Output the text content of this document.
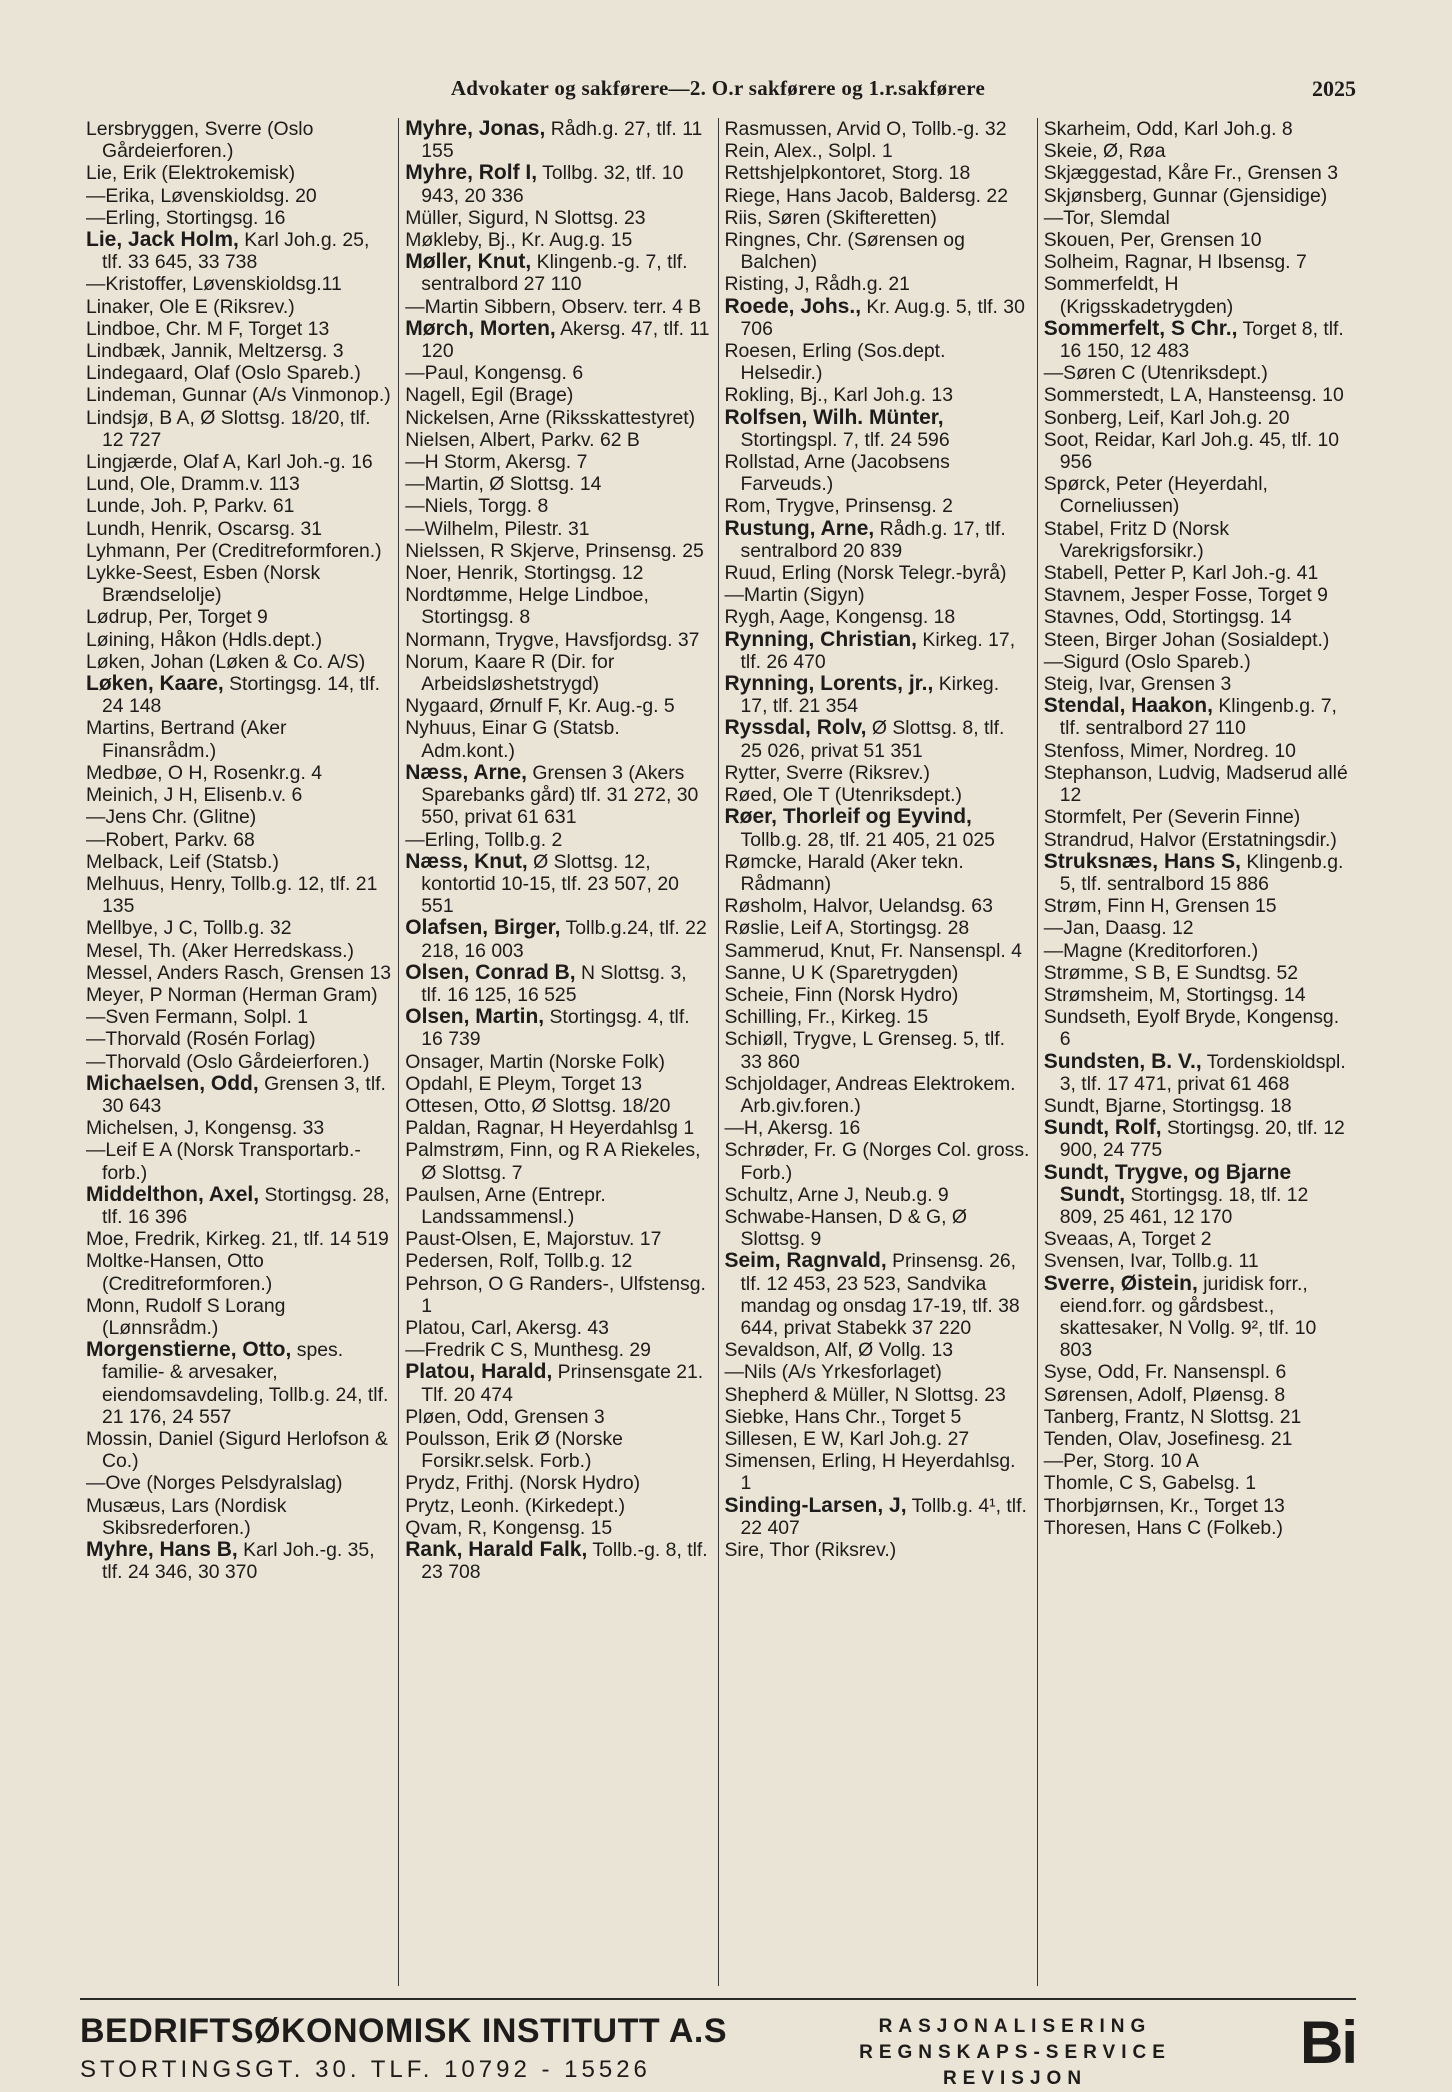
Advokater og sakførere—2. O.r sakførere og 1.r.sakførere	2025
Lersbryggen, Sverre (Oslo Gårdeierforen.)
Lie, Erik (Elektrokemisk)
—Erika, Løvenskioldsg. 20
—Erling, Stortingsg. 16
Lie, Jack Holm, Karl Joh.g. 25, tlf. 33 645, 33 738
—Kristoffer, Løvenskioldsg.11
Linaker, Ole E (Riksrev.)
Lindboe, Chr. M F, Torget 13
Lindbæk, Jannik, Meltzersg. 3
Lindegaard, Olaf (Oslo Spareb.)
Lindeman, Gunnar (A/s Vinmonop.)
Lindsjø, B A, Ø Slottsg. 18/20, tlf. 12 727
Lingjærde, Olaf A, Karl Joh.-g. 16
Lund, Ole, Dramm.v. 113
Lunde, Joh. P, Parkv. 61
Lundh, Henrik, Oscarsg. 31
Lyhmann, Per (Creditreformforen.)
Lykke-Seest, Esben (Norsk Brændselolje)
Lødrup, Per, Torget 9
Løining, Håkon (Hdls.dept.)
Løken, Johan (Løken & Co. A/S)
Løken, Kaare, Stortingsg. 14, tlf. 24 148
Martins, Bertrand (Aker Finansrådm.)
Medbøe, O H, Rosenkr.g. 4
Meinich, J H, Elisenb.v. 6
—Jens Chr. (Glitne)
—Robert, Parkv. 68
Melback, Leif (Statsb.)
Melhuus, Henry, Tollb.g. 12, tlf. 21 135
Mellbye, J C, Tollb.g. 32
Mesel, Th. (Aker Herredskass.)
Messel, Anders Rasch, Grensen 13
Meyer, P Norman (Herman Gram)
—Sven Fermann, Solpl. 1
—Thorvald (Rosén Forlag)
—Thorvald (Oslo Gårdeierforen.)
Michaelsen, Odd, Grensen 3, tlf. 30 643
Michelsen, J, Kongensg. 33
—Leif E A (Norsk Transportarb.-forb.)
Middelthon, Axel, Stortingsg. 28, tlf. 16 396
Moe, Fredrik, Kirkeg. 21, tlf. 14 519
Moltke-Hansen, Otto (Creditreformforen.)
Monn, Rudolf S Lorang (Lønnsrådm.)
Morgenstierne, Otto, spes. familie- & arvesaker, eiendomsavdeling, Tollb.g. 24, tlf. 21 176, 24 557
Mossin, Daniel (Sigurd Herlofson & Co.)
—Ove (Norges Pelsdyralslag)
Musæus, Lars (Nordisk Skibsrederforen.)
Myhre, Hans B, Karl Joh.-g. 35, tlf. 24 346, 30 370
Myhre, Jonas, Rådh.g. 27, tlf. 11 155
Myhre, Rolf I, Tollbg. 32, tlf. 10 943, 20 336
Müller, Sigurd, N Slottsg. 23
Møkleby, Bj., Kr. Aug.g. 15
Møller, Knut, Klingenb.-g. 7, tlf. sentralbord 27 110
—Martin Sibbern, Observ. terr. 4 B
Mørch, Morten, Akersg. 47, tlf. 11 120
—Paul, Kongensg. 6
Nagell, Egil (Brage)
Nickelsen, Arne (Riksskattestyret)
Nielsen, Albert, Parkv. 62 B
—H Storm, Akersg. 7
—Martin, Ø Slottsg. 14
—Niels, Torgg. 8
—Wilhelm, Pilestr. 31
Nielssen, R Skjerve, Prinsensg. 25
Noer, Henrik, Stortingsg. 12
Nordtømme, Helge Lindboe, Stortingsg. 8
Normann, Trygve, Havsfjordsg. 37
Norum, Kaare R (Dir. for Arbeidsløshetstrygd)
Nygaard, Ørnulf F, Kr. Aug.-g. 5
Nyhuus, Einar G (Statsb. Adm.kont.)
Næss, Arne, Grensen 3 (Akers Sparebanks gård) tlf. 31 272, 30 550, privat 61 631
—Erling, Tollb.g. 2
Næss, Knut, Ø Slottsg. 12, kontortid 10-15, tlf. 23 507, 20 551
Olafsen, Birger, Tollb.g.24, tlf. 22 218, 16 003
Olsen, Conrad B, N Slottsg. 3, tlf. 16 125, 16 525
Olsen, Martin, Stortingsg. 4, tlf. 16 739
Onsager, Martin (Norske Folk)
Opdahl, E Pleym, Torget 13
Ottesen, Otto, Ø Slottsg. 18/20
Paldan, Ragnar, H Heyerdahlsg 1
Palmstrøm, Finn, og R A Riekeles, Ø Slottsg. 7
Paulsen, Arne (Entrepr. Landssammensl.)
Paust-Olsen, E, Majorstuv. 17
Pedersen, Rolf, Tollb.g. 12
Pehrson, O G Randers-, Ulfstensg. 1
Platou, Carl, Akersg. 43
—Fredrik C S, Munthesg. 29
Platou, Harald, Prinsensgate 21. Tlf. 20 474
Pløen, Odd, Grensen 3
Poulsson, Erik Ø (Norske Forsikr.selsk. Forb.)
Prydz, Frithj. (Norsk Hydro)
Prytz, Leonh. (Kirkedept.)
Qvam, R, Kongensg. 15
Rank, Harald Falk, Tollb.-g. 8, tlf. 23 708
Rasmussen, Arvid O, Tollb.-g. 32
Rein, Alex., Solpl. 1
Rettshjelpkontoret, Storg. 18
Riege, Hans Jacob, Baldersg. 22
Riis, Søren (Skifteretten)
Ringnes, Chr. (Sørensen og Balchen)
Risting, J, Rådh.g. 21
Roede, Johs., Kr. Aug.g. 5, tlf. 30 706
Roesen, Erling (Sos.dept. Helsedir.)
Rokling, Bj., Karl Joh.g. 13
Rolfsen, Wilh. Münter, Stortingspl. 7, tlf. 24 596
Rollstad, Arne (Jacobsens Farveuds.)
Rom, Trygve, Prinsensg. 2
Rustung, Arne, Rådh.g. 17, tlf. sentralbord 20 839
Ruud, Erling (Norsk Telegr.-byrå)
—Martin (Sigyn)
Rygh, Aage, Kongensg. 18
Rynning, Christian, Kirkeg. 17, tlf. 26 470
Rynning, Lorents, jr., Kirkeg. 17, tlf. 21 354
Ryssdal, Rolv, Ø Slottsg. 8, tlf. 25 026, privat 51 351
Rytter, Sverre (Riksrev.)
Røed, Ole T (Utenriksdept.)
Røer, Thorleif og Eyvind, Tollb.g. 28, tlf. 21 405, 21 025
Rømcke, Harald (Aker tekn. Rådmann)
Røsholm, Halvor, Uelandsg. 63
Røslie, Leif A, Stortingsg. 28
Sammerud, Knut, Fr. Nansenspl. 4
Sanne, U K (Sparetrygden)
Scheie, Finn (Norsk Hydro)
Schilling, Fr., Kirkeg. 15
Schiøll, Trygve, L Grenseg. 5, tlf. 33 860
Schjoldager, Andreas Elektrokem. Arb.giv.foren.)
—H, Akersg. 16
Schrøder, Fr. G (Norges Col. gross. Forb.)
Schultz, Arne J, Neub.g. 9
Schwabe-Hansen, D & G, Ø Slottsg. 9
Seim, Ragnvald, Prinsensg. 26, tlf. 12 453, 23 523, Sandvika mandag og onsdag 17-19, tlf. 38 644, privat Stabekk 37 220
Sevaldson, Alf, Ø Vollg. 13
—Nils (A/s Yrkesforlaget)
Shepherd & Müller, N Slottsg. 23
Siebke, Hans Chr., Torget 5
Sillesen, E W, Karl Joh.g. 27
Simensen, Erling, H Heyerdahlsg. 1
Sinding-Larsen, J, Tollb.g. 4¹, tlf. 22 407
Sire, Thor (Riksrev.)
Skarheim, Odd, Karl Joh.g. 8
Skeie, Ø, Røa
Skjæggestad, Kåre Fr., Grensen 3
Skjønsberg, Gunnar (Gjensidige)
—Tor, Slemdal
Skouen, Per, Grensen 10
Solheim, Ragnar, H Ibsensg. 7
Sommerfeldt, H (Krigsskadetrygden)
Sommerfelt, S Chr., Torget 8, tlf. 16 150, 12 483
—Søren C (Utenriksdept.)
Sommerstedt, L A, Hansteensg. 10
Sonberg, Leif, Karl Joh.g. 20
Soot, Reidar, Karl Joh.g. 45, tlf. 10 956
Spørck, Peter (Heyerdahl, Corneliussen)
Stabel, Fritz D (Norsk Varekrigsforsikr.)
Stabell, Petter P, Karl Joh.-g. 41
Stavnem, Jesper Fosse, Torget 9
Stavnes, Odd, Stortingsg. 14
Steen, Birger Johan (Sosialdept.)
—Sigurd (Oslo Spareb.)
Steig, Ivar, Grensen 3
Stendal, Haakon, Klingenb.g. 7, tlf. sentralbord 27 110
Stenfoss, Mimer, Nordreg. 10
Stephanson, Ludvig, Madserud allé 12
Stormfelt, Per (Severin Finne)
Strandrud, Halvor (Erstatningsdir.)
Struksnæs, Hans S, Klingenb.g. 5, tlf. sentralbord 15 886
Strøm, Finn H, Grensen 15
—Jan, Daasg. 12
—Magne (Kreditorforen.)
Strømme, S B, E Sundtsg. 52
Strømsheim, M, Stortingsg. 14
Sundseth, Eyolf Bryde, Kongensg. 6
Sundsten, B. V., Tordenskioldspl. 3, tlf. 17 471, privat 61 468
Sundt, Bjarne, Stortingsg. 18
Sundt, Rolf, Stortingsg. 20, tlf. 12 900, 24 775
Sundt, Trygve, og Bjarne Sundt, Stortingsg. 18, tlf. 12 809, 25 461, 12 170
Sveaas, A, Torget 2
Svensen, Ivar, Tollb.g. 11
Sverre, Øistein, juridisk forr., eiend.forr. og gårdsbest., skattesaker, N Vollg. 9², tlf. 10 803
Syse, Odd, Fr. Nansenspl. 6
Sørensen, Adolf, Pløensg. 8
Tanberg, Frantz, N Slottsg. 21
Tenden, Olav, Josefinesg. 21
—Per, Storg. 10 A
Thomle, C S, Gabelsg. 1
Thorbjørnsen, Kr., Torget 13
Thoresen, Hans C (Folkeb.)
BEDRIFTSØKONOMISK INSTITUTT A.S
STORTINGSGT. 30. TLF. 10792 - 15526
RASJONALISERING
REGNSKAPS-SERVICE
REVISJON
Bi
